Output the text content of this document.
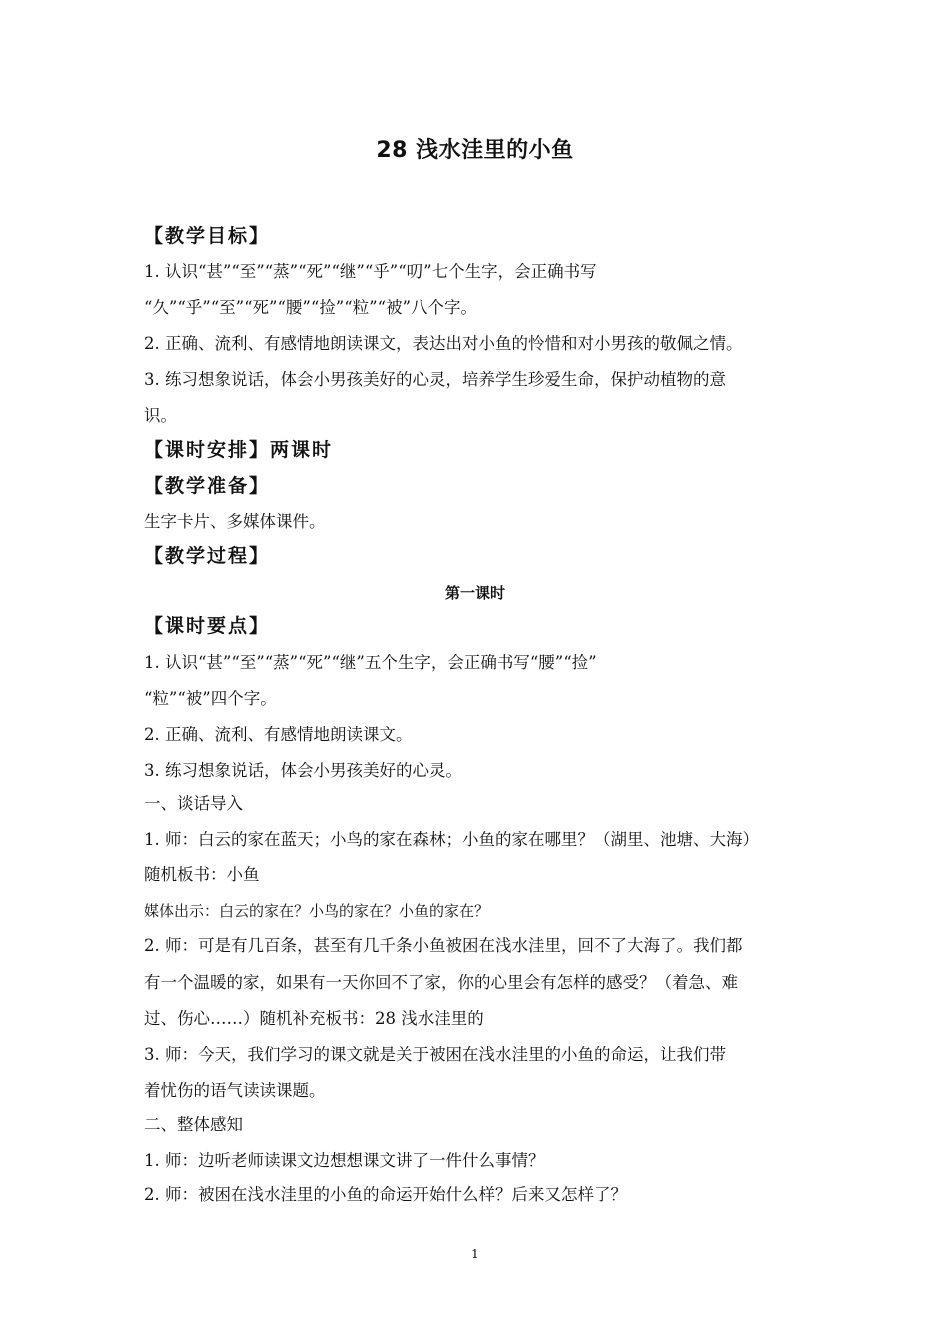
28 浅水洼里的小鱼
【教学目标】
1. 认识“甚”“至”“蒸”“死”“继”“乎”“叨”七个生字，会正确书写
“久”“乎”“至”“死”“腰”“捡”“粒”“被”八个字。
2. 正确、流利、有感情地朗读课文，表达出对小鱼的怜惜和对小男孩的敬佩之情。
3. 练习想象说话，体会小男孩美好的心灵，培养学生珍爱生命，保护动植物的意
识。
【课时安排】两课时
【教学准备】
生字卡片、多媒体课件。
【教学过程】
第一课时
【课时要点】
1. 认识“甚”“至”“蒸”“死”“继”五个生字，会正确书写“腰”“捡”
“粒”“被”四个字。
2. 正确、流利、有感情地朗读课文。
3. 练习想象说话，体会小男孩美好的心灵。
一、谈话导入
1. 师：白云的家在蓝天；小鸟的家在森林；小鱼的家在哪里？（湖里、池塘、大海）
随机板书：小鱼
媒体出示：白云的家在？小鸟的家在？小鱼的家在？
2. 师：可是有几百条，甚至有几千条小鱼被困在浅水洼里，回不了大海了。我们都
有一个温暖的家，如果有一天你回不了家，你的心里会有怎样的感受？（着急、难
过、伤心……）随机补充板书：28 浅水洼里的
3. 师：今天，我们学习的课文就是关于被困在浅水洼里的小鱼的命运，让我们带
着忧伤的语气读读课题。
二、整体感知
1. 师：边听老师读课文边想想课文讲了一件什么事情？
2. 师：被困在浅水洼里的小鱼的命运开始什么样？后来又怎样了？
1
